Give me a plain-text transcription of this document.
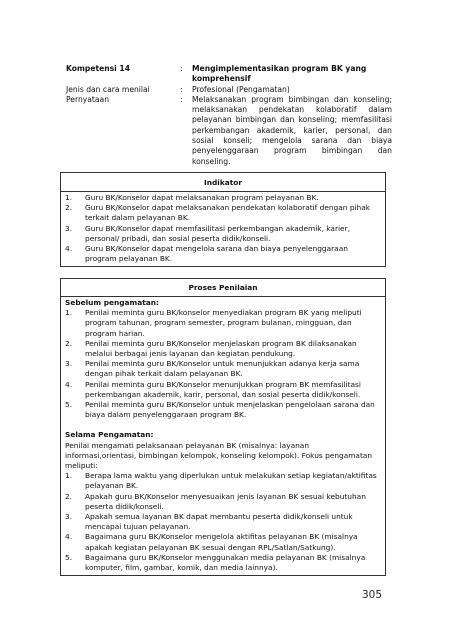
Kompetensi 14	:	Mengimplementasikan program BK yang komprehensif
Jenis dan cara menilai	:	Profesional (Pengamatan)
Pernyataan	:	Melaksanakan program bimbingan dan konseling; melaksanakan pendekatan kolaboratif dalam pelayanan bimbingan dan konseling; memfasilitasi perkembangan akademik, karier, personal, dan sosial konseli; mengelola sarana dan biaya penyelenggaraan program bimbingan dan konseling.
Indikator
1.	Guru BK/Konselor dapat melaksanakan program pelayanan BK.
2.	Guru BK/Konselor dapat melaksanakan pendekatan kolaboratif dengan pihak terkait dalam pelayanan BK.
3.	Guru BK/Konselor dapat memfasilitasi perkembangan akademik, karier, personal/ pribadi, dan sosial peserta didik/konseli.
4.	Guru BK/Konselor dapat mengelola sarana dan biaya penyelenggaraan program pelayanan BK.
Proses Penilaian
Sebelum pengamatan:
1.	Penilai meminta guru BK/konselor menyediakan program BK yang meliputi program tahunan, program semester, program bulanan, mingguan, dan program harian.
2.	Penilai meminta guru BK/Konselor menjelaskan program BK dilaksanakan melalui berbagai jenis layanan dan kegiatan pendukung.
3.	Penilai meminta guru BK/Konselor untuk menunjukkan adanya kerja sama dengan pihak terkait dalam pelayanan BK.
4.	Penilai meminta guru BK/Konselor menunjukkan program BK memfasilitasi perkembangan akademik, karir, personal, dan sosial peserta didik/konseli.
5.	Penilai meminta guru BK/Konselor untuk menjelaskan pengelolaan sarana dan biaya dalam penyelenggaraan program BK.
Selama Pengamatan:
Penilai mengamati pelaksanaan pelayanan BK (misalnya: layanan informasi,orientasi, bimbingan kelompok, konseling kelompok). Fokus pengamatan meliputi:
1.	Berapa lama waktu yang diperlukan untuk melakukan setiap kegiatan/aktifitas pelayanan BK.
2.	Apakah guru BK/Konselor menyesuaikan jenis layanan BK sesuai kebutuhan peserta didik/konseli.
3.	Apakah semua layanan BK dapat membantu peserta didik/konseli untuk mencapai tujuan pelayanan.
4.	Bagaimana guru BK/Konselor mengelola aktifitas pelayanan BK (misalnya apakah kegiatan pelayanan BK sesuai dengan RPL/Satlan/Satkung).
5.	Bagaimana guru BK/Konselor menggunakan media pelayanan BK (misalnya komputer, film, gambar, komik, dan media lainnya).
305
